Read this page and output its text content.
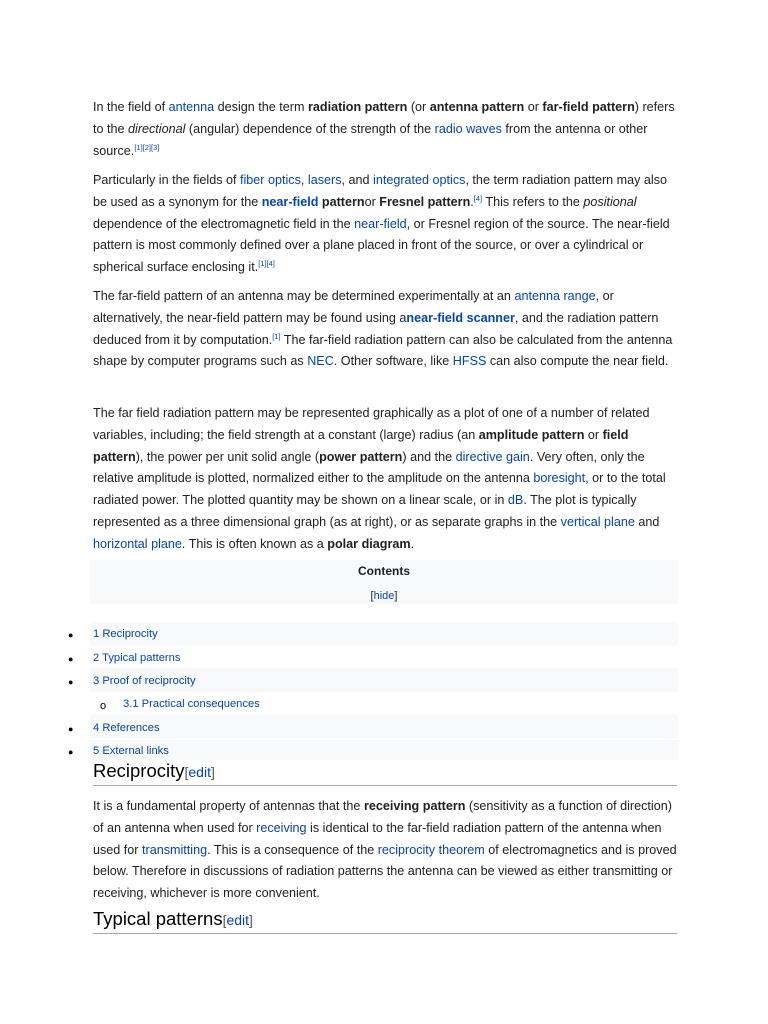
In the field of antenna design the term radiation pattern (or antenna pattern or far-field pattern) refers to the directional (angular) dependence of the strength of the radio waves from the antenna or other source.[1][2][3]

Particularly in the fields of fiber optics, lasers, and integrated optics, the term radiation pattern may also be used as a synonym for the near-field patternor Fresnel pattern.[4] This refers to the positional dependence of the electromagnetic field in the near-field, or Fresnel region of the source. The near-field pattern is most commonly defined over a plane placed in front of the source, or over a cylindrical or spherical surface enclosing it.[1][4]

The far-field pattern of an antenna may be determined experimentally at an antenna range, or alternatively, the near-field pattern may be found using anear-field scanner, and the radiation pattern deduced from it by computation.[1] The far-field radiation pattern can also be calculated from the antenna shape by computer programs such as NEC. Other software, like HFSS can also compute the near field.

The far field radiation pattern may be represented graphically as a plot of one of a number of related variables, including; the field strength at a constant (large) radius (an amplitude pattern or field pattern), the power per unit solid angle (power pattern) and the directive gain. Very often, only the relative amplitude is plotted, normalized either to the amplitude on the antenna boresight, or to the total radiated power. The plotted quantity may be shown on a linear scale, or in dB. The plot is typically represented as a three dimensional graph (as at right), or as separate graphs in the vertical plane and horizontal plane. This is often known as a polar diagram.

Contents
[hide]
● 1 Reciprocity
● 2 Typical patterns
● 3 Proof of reciprocity
o 3.1 Practical consequences
● 4 References
● 5 External links
Reciprocity[edit]

It is a fundamental property of antennas that the receiving pattern (sensitivity as a function of direction) of an antenna when used for receiving is identical to the far-field radiation pattern of the antenna when used for transmitting. This is a consequence of the reciprocity theorem of electromagnetics and is proved below. Therefore in discussions of radiation patterns the antenna can be viewed as either transmitting or receiving, whichever is more convenient.

Typical patterns[edit]
